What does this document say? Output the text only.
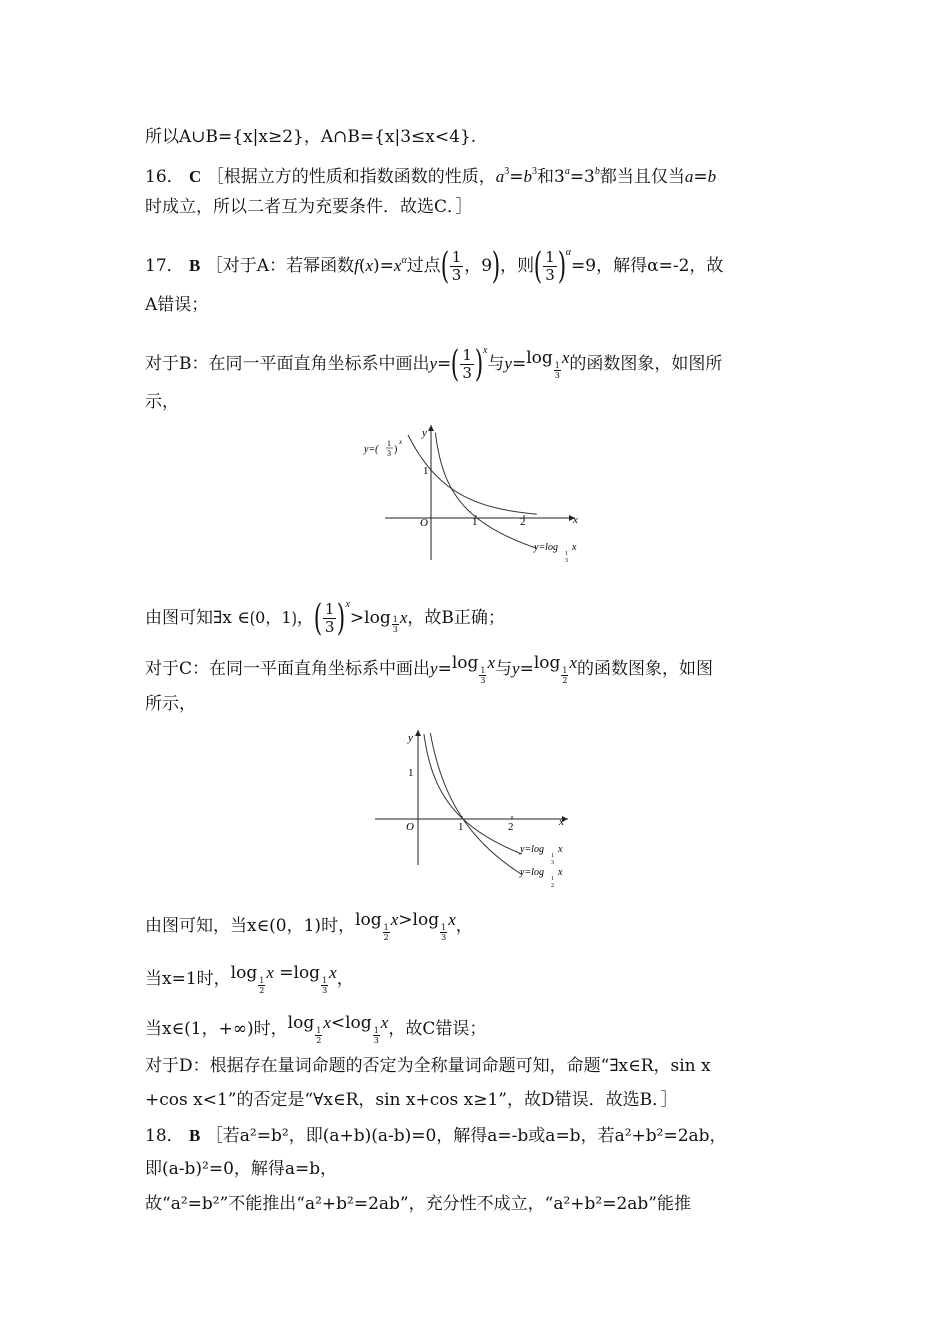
所以A∪B={x|x≥2}，A∩B={x|3≤x<4}.
16． C ［根据立方的性质和指数函数的性质，$a^3=b^3$和$3^a=3^b$都当且仅当a=b
时成立，所以二者互为充要条件．故选C．］
17． B ［对于A：若幂函数$f(x)=x^\alpha$过点( $\frac{1}{3}$ ，9)，则( $\frac{1}{3} )^\alpha=9$，解得α=-2，故
A错误；
对于B：在同一平面直角坐标系中画出$y=( \frac{1}{3} )^x$与y=log
$\frac{1}{3}$
x的函数图象，如图所
示，
x
y
O	1	2
1
y=(
1
3 )
x
y=log
1
3
x
由图可知∃x ∈⟮0，1⟯，( $\frac{1}{3} )^x>\log \frac{1}{3}$ x，故B正确；
对于C：在同一平面直角坐标系中画出y=log
$\frac{1}{3}$
x与y=log
$\frac{1}{2}$
x的函数图象，如图
所示，
x
y
O	1	2
1
y=log
1
3
x
y=log
1
2
x
由图可知，当x∈(0，1)时，log
$\frac{1}{2}$
x>log
$\frac{1}{3}$
x，
当x=1时，log
$\frac{1}{2}$
x =log
$\frac{1}{3}$
x，
当x∈(1，+∞)时，log
$\frac{1}{2}$
x<log
$\frac{1}{3}$
x，故C错误；
对于D：根据存在量词命题的否定为全称量词命题可知，命题“∃x∈R，sin x
+cos x<1”的否定是“∀x∈R，sin x+cos x≥1”，故D错误．故选B．］
18． B ［若a²=b²，即(a+b)(a-b)=0，解得a=-b或a=b，若a²+b²=2ab，
即(a-b)²=0，解得a=b，
故“a²=b²”不能推出“a²+b²=2ab”，充分性不成立，“a²+b²=2ab”能推
